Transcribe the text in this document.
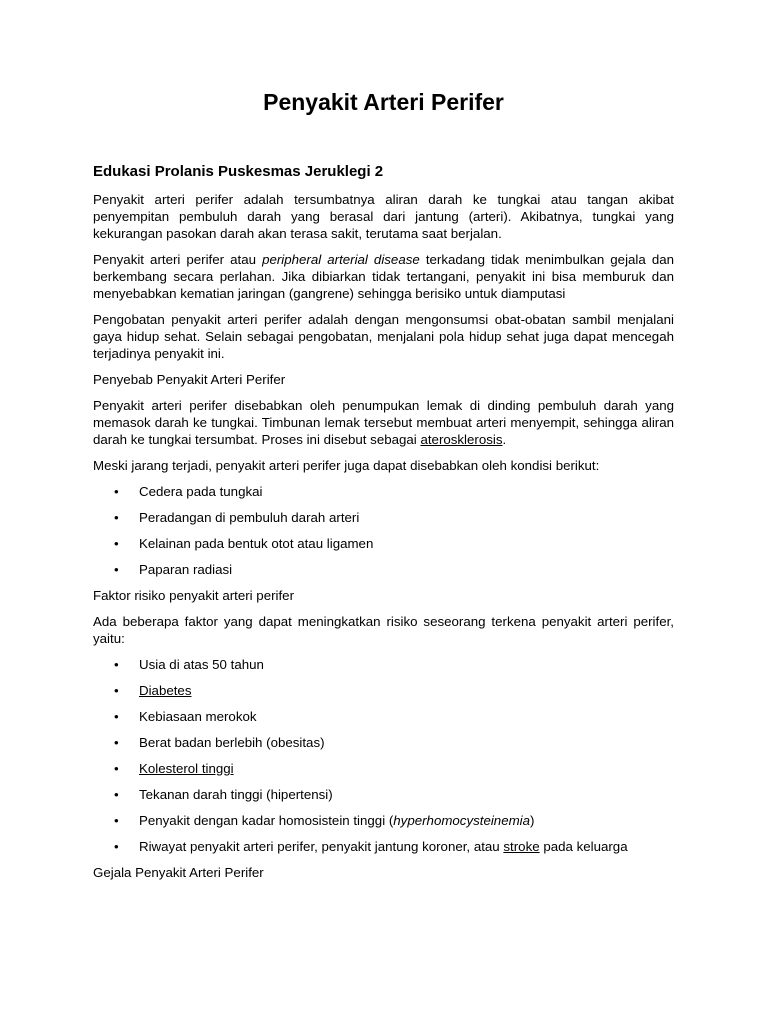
Penyakit Arteri Perifer
Edukasi Prolanis Puskesmas Jeruklegi 2

Penyakit arteri perifer adalah tersumbatnya aliran darah ke tungkai atau tangan akibat penyempitan pembuluh darah yang berasal dari jantung (arteri). Akibatnya, tungkai yang kekurangan pasokan darah akan terasa sakit, terutama saat berjalan.

Penyakit arteri perifer atau peripheral arterial disease terkadang tidak menimbulkan gejala dan berkembang secara perlahan. Jika dibiarkan tidak tertangani, penyakit ini bisa memburuk dan menyebabkan kematian jaringan (gangrene) sehingga berisiko untuk diamputasi

Pengobatan penyakit arteri perifer adalah dengan mengonsumsi obat-obatan sambil menjalani gaya hidup sehat. Selain sebagai pengobatan, menjalani pola hidup sehat juga dapat mencegah terjadinya penyakit ini.

Penyebab Penyakit Arteri Perifer

Penyakit arteri perifer disebabkan oleh penumpukan lemak di dinding pembuluh darah yang memasok darah ke tungkai. Timbunan lemak tersebut membuat arteri menyempit, sehingga aliran darah ke tungkai tersumbat. Proses ini disebut sebagai aterosklerosis.

Meski jarang terjadi, penyakit arteri perifer juga dapat disebabkan oleh kondisi berikut:

• Cedera pada tungkai
• Peradangan di pembuluh darah arteri
• Kelainan pada bentuk otot atau ligamen
• Paparan radiasi

Faktor risiko penyakit arteri perifer

Ada beberapa faktor yang dapat meningkatkan risiko seseorang terkena penyakit arteri perifer, yaitu:

• Usia di atas 50 tahun
• Diabetes
• Kebiasaan merokok
• Berat badan berlebih (obesitas)
• Kolesterol tinggi
• Tekanan darah tinggi (hipertensi)
• Penyakit dengan kadar homosistein tinggi (hyperhomocysteinemia)
• Riwayat penyakit arteri perifer, penyakit jantung koroner, atau stroke pada keluarga

Gejala Penyakit Arteri Perifer
